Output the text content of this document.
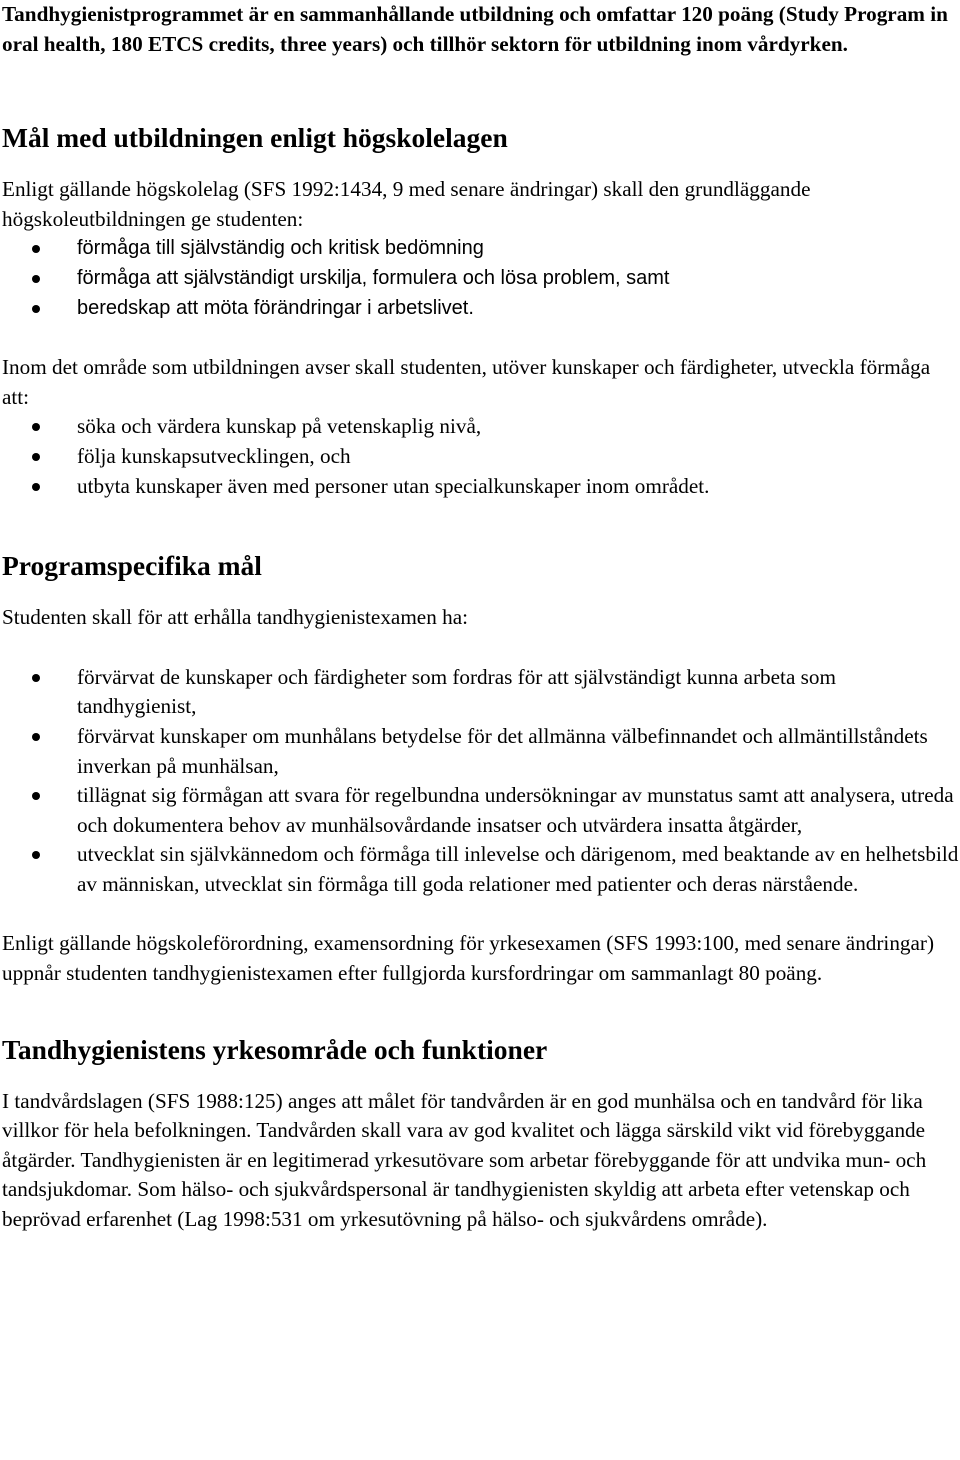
Tandhygienistprogrammet är en sammanhållande utbildning och omfattar 120 poäng (Study Program in oral health, 180 ETCS credits, three years) och tillhör sektorn för utbildning inom vårdyrken.

Mål med utbildningen enligt högskolelagen

Enligt gällande högskolelag (SFS 1992:1434, 9 med senare ändringar) skall den grundläggande högskoleutbildningen ge studenten:

förmåga till självständig och kritisk bedömning
förmåga att självständigt urskilja, formulera och lösa problem, samt
beredskap att möta förändringar i arbetslivet.

Inom det område som utbildningen avser skall studenten, utöver kunskaper och färdigheter, utveckla förmåga att:

söka och värdera kunskap på vetenskaplig nivå,
följa kunskapsutvecklingen, och
utbyta kunskaper även med personer utan specialkunskaper inom området.
Programspecifika mål

Studenten skall för att erhålla tandhygienistexamen ha:

förvärvat de kunskaper och färdigheter som fordras för att självständigt kunna arbeta som tandhygienist,
förvärvat kunskaper om munhålans betydelse för det allmänna välbefinnandet och allmäntillståndets inverkan på munhälsan,
tillägnat sig förmågan att svara för regelbundna undersökningar av munstatus samt att analysera, utreda och dokumentera behov av munhälsovårdande insatser och utvärdera insatta åtgärder,
utvecklat sin självkännedom och förmåga till inlevelse och därigenom, med beaktande av en helhetsbild av människan, utvecklat sin förmåga till goda relationer med patienter och deras närstående.

Enligt gällande högskoleförordning, examensordning för yrkesexamen (SFS 1993:100, med senare ändringar) uppnår studenten tandhygienistexamen efter fullgjorda kursfordringar om sammanlagt 80 poäng.

Tandhygienistens yrkesområde och funktioner

I tandvårdslagen (SFS 1988:125) anges att målet för tandvården är en god munhälsa och en tandvård för lika villkor för hela befolkningen. Tandvården skall vara av god kvalitet och lägga särskild vikt vid förebyggande åtgärder. Tandhygienisten är en legitimerad yrkesutövare som arbetar förebyggande för att undvika mun- och tandsjukdomar. Som hälso- och sjukvårdspersonal är tandhygienisten skyldig att arbeta efter vetenskap och beprövad erfarenhet (Lag 1998:531 om yrkesutövning på hälso- och sjukvårdens område).
